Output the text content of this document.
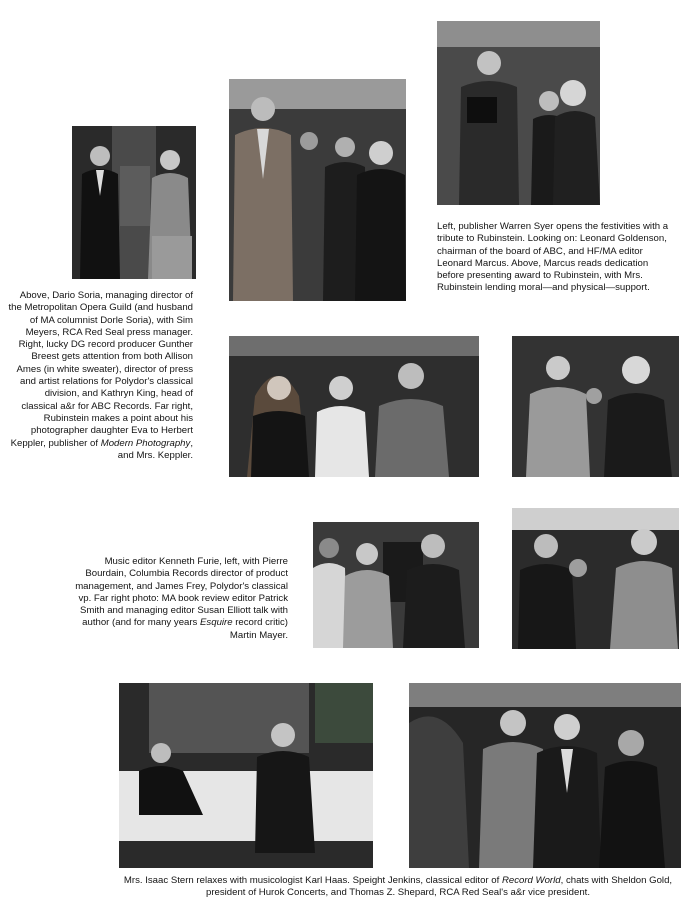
Left, publisher Warren Syer opens the festivities with a tribute to Rubinstein. Looking on: Leonard Goldenson, chairman of the board of ABC, and HF/MA editor Leonard Marcus. Above, Marcus reads dedication before presenting award to Rubinstein, with Mrs. Rubinstein lending moral—and physical—support.

Above, Dario Soria, managing director of the Metropolitan Opera Guild (and husband of MA columnist Dorle Soria), with Sim Meyers, RCA Red Seal press manager. Right, lucky DG record producer Gunther Breest gets attention from both Allison Ames (in white sweater), director of press and artist relations for Polydor's classical division, and Kathryn King, head of classical a&r for ABC Records. Far right, Rubinstein makes a point about his photographer daughter Eva to Herbert Keppler, publisher of Modern Photography, and Mrs. Keppler.

Music editor Kenneth Furie, left, with Pierre Bourdain, Columbia Records director of product management, and James Frey, Polydor's classical vp. Far right photo: MA book review editor Patrick Smith and managing editor Susan Elliott talk with author (and for many years Esquire record critic) Martin Mayer.

Mrs. Isaac Stern relaxes with musicologist Karl Haas. Speight Jenkins, classical editor of Record World, chats with Sheldon Gold, president of Hurok Concerts, and Thomas Z. Shepard, RCA Red Seal's a&r vice president.
